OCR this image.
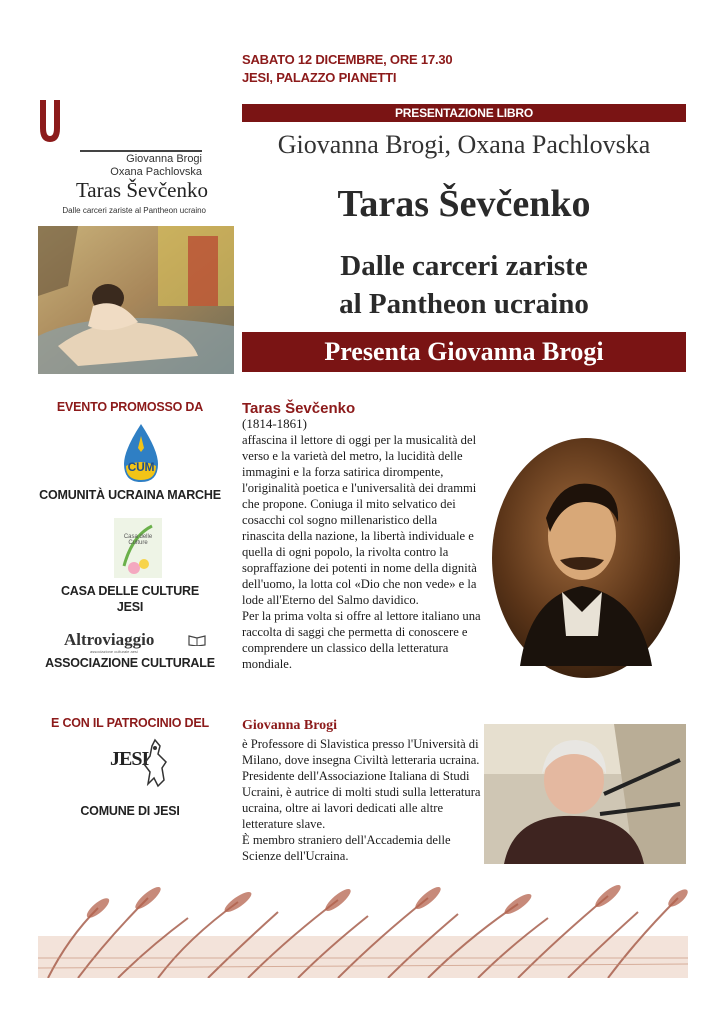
SABATO 12 DICEMBRE, ORE 17.30
JESI, PALAZZO PIANETTI
Giovanna Brogi
Oxana Pachlovska
Taras Ševčenko
Dalle carceri zariste al Pantheon ucraino
PRESENTAZIONE LIBRO
Giovanna Brogi, Oxana Pachlovska
Taras Ševčenko
Dalle carceri zariste
al Pantheon ucraino
Presenta Giovanna Brogi
EVENTO PROMOSSO DA
CUM
COMUNITÀ UCRAINA MARCHE
Casa delle Culture
CASA DELLE CULTURE
JESI
Altroviaggio
associazione culturale aesi
ASSOCIAZIONE CULTURALE
E CON IL PATROCINIO DEL
JESI
COMUNE DI JESI
Taras Ševčenko
(1814-1861)
affascina il lettore di oggi per la musicalità del verso e la varietà del metro, la lucidità delle immagini e la forza satirica dirompente, l'originalità poetica e l'universalità dei drammi che propone. Coniuga il mito selvatico dei cosacchi col sogno millenaristico della rinascita della nazione, la libertà individuale e quella di ogni popolo, la rivolta contro la sopraffazione dei potenti in nome della dignità dell'uomo, la lotta col «Dio che non vede» e la lode all'Eterno del Salmo davidico.
Per la prima volta si offre al lettore italiano una raccolta di saggi che permetta di conoscere e comprendere un classico della letteratura mondiale.
Giovanna Brogi
è Professore di Slavistica presso l'Università di Milano, dove insegna Civiltà letteraria ucraina. Presidente dell'Associazione Italiana di Studi Ucraini, è autrice di molti studi sulla letteratura ucraina, oltre ai lavori dedicati alle altre letterature slave.
È membro straniero dell'Accademia delle Scienze dell'Ucraina.
